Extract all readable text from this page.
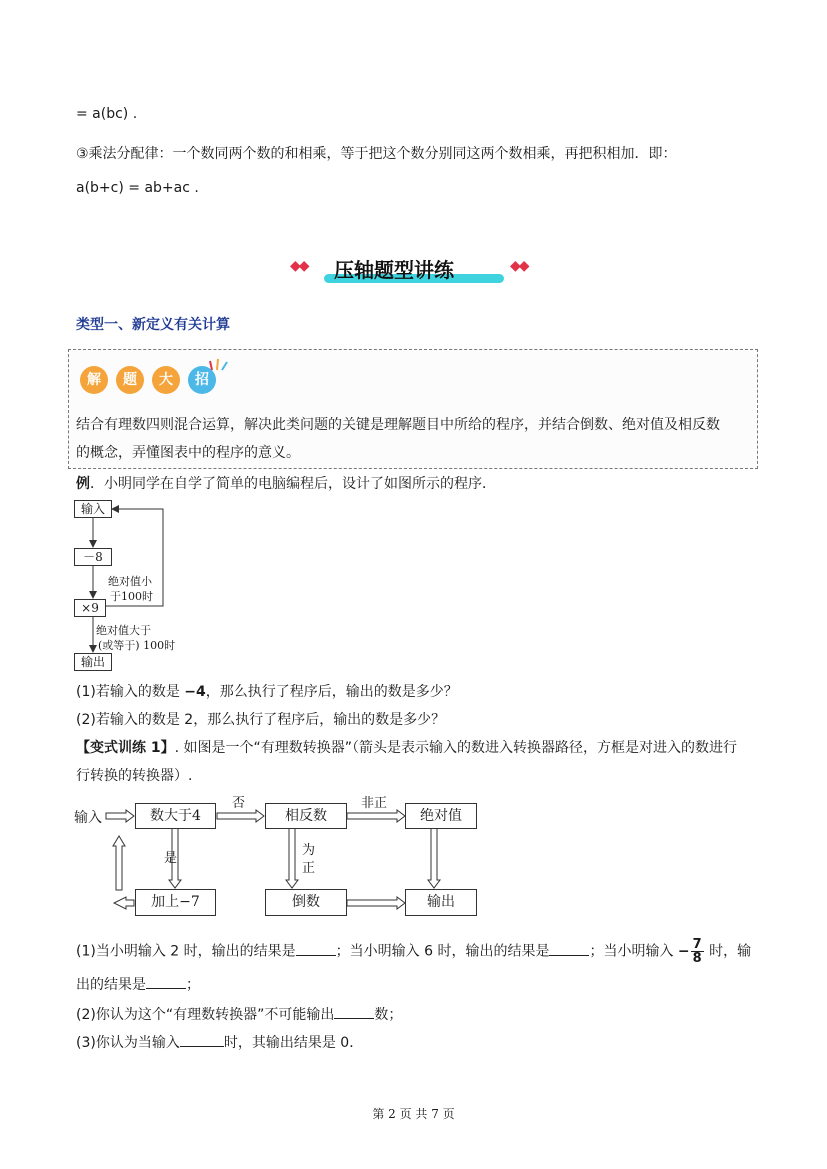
= a(bc) .
③乘法分配律：一个数同两个数的和相乘，等于把这个数分别同这两个数相乘，再把积相加．即：
a(b+c) = ab+ac .
◆◆ 压轴题型讲练	◆◆
类型一、新定义有关计算
解	题	大	招
结合有理数四则混合运算，解决此类问题的关键是理解题目中所给的程序，并结合倒数、绝对值及相反数
的概念，弄懂图表中的程序的意义。
例．小明同学在自学了简单的电脑编程后，设计了如图所示的程序．
输入
－8
×9
输出
绝对值小
于100时
绝对值大于
(或等于) 100时
(1)若输入的数是 −4，那么执行了程序后，输出的数是多少？
(2)若输入的数是 2，那么执行了程序后，输出的数是多少？
【变式训练 1】. 如图是一个“有理数转换器”（箭头是表示输入的数进入转换器路径，方框是对进入的数进行
行转换的转换器）.
输入	数大于4	相反数	绝对值
加上−7	倒数	输出
否	非正
是
为
正
(1)当小明输入 2 时，输出的结果是	；当小明输入 6 时，输出的结果是	；当小明输入 − $\frac{7}{8}$ 时，输
出的结果是	；
(2)你认为这个“有理数转换器”不可能输出	数；
(3)你认为当输入	时，其输出结果是 0．
第 2 页 共 7 页
